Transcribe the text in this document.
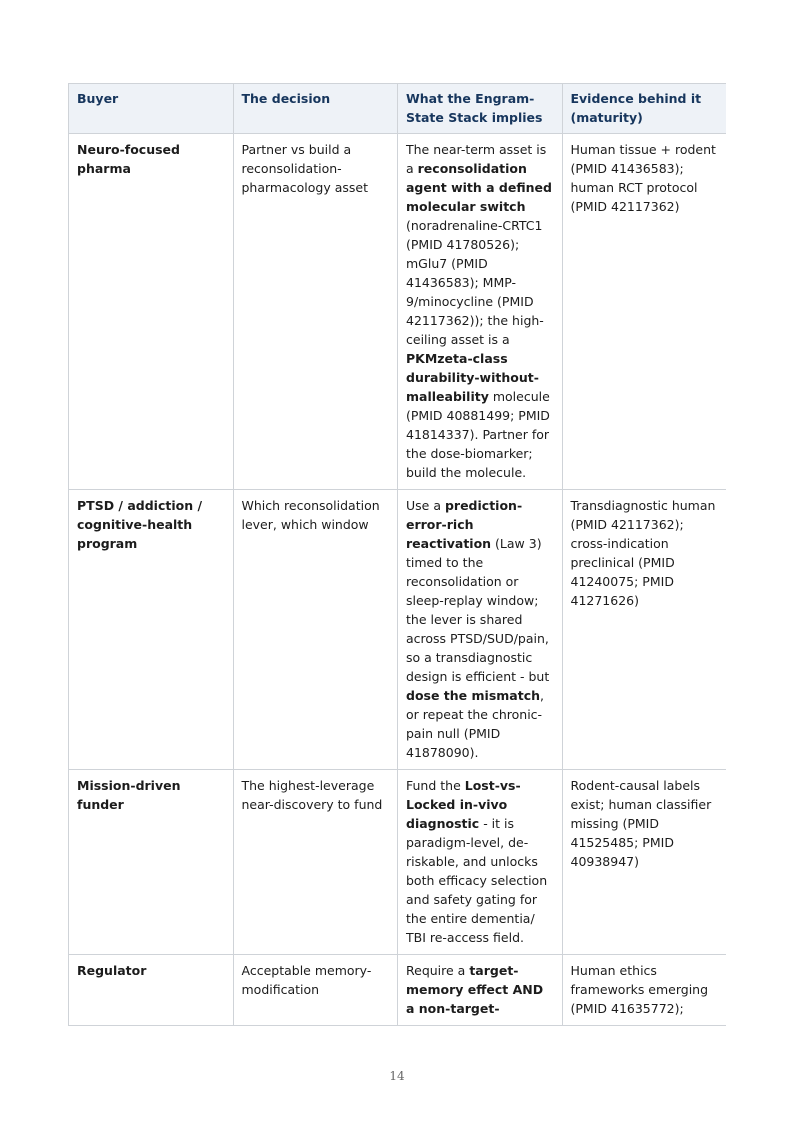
Buyer	The decision	What the Engram-State Stack implies	Evidence behind it (maturity)
Neuro-focused pharma	Partner vs build a reconsolidation-pharmacology asset	The near-term asset is a reconsolidation agent with a defined molecular switch (noradrenaline-CRTC1 (PMID 41780526); mGlu7 (PMID 41436583); MMP-9/minocycline (PMID 42117362)); the high-ceiling asset is a PKMzeta-class durability-without-malleability molecule (PMID 40881499; PMID 41814337). Partner for the dose-biomarker; build the molecule.	Human tissue + rodent (PMID 41436583); human RCT protocol (PMID 42117362)
PTSD / addiction / cognitive-health program	Which reconsolidation lever, which window	Use a prediction-error-rich reactivation (Law 3) timed to the reconsolidation or sleep-replay window; the lever is shared across PTSD/SUD/pain, so a transdiagnostic design is efficient - but dose the mismatch, or repeat the chronic-pain null (PMID 41878090).	Transdiagnostic human (PMID 42117362); cross-indication preclinical (PMID 41240075; PMID 41271626)
Mission-driven funder	The highest-leverage near-discovery to fund	Fund the Lost-vs-Locked in-vivo diagnostic - it is paradigm-level, de-riskable, and unlocks both efficacy selection and safety gating for the entire dementia/ TBI re-access field.	Rodent-causal labels exist; human classifier missing (PMID 41525485; PMID 40938947)
Regulator	Acceptable memory-modification	Require a target-memory effect AND a non-target-	Human ethics frameworks emerging (PMID 41635772);
14
